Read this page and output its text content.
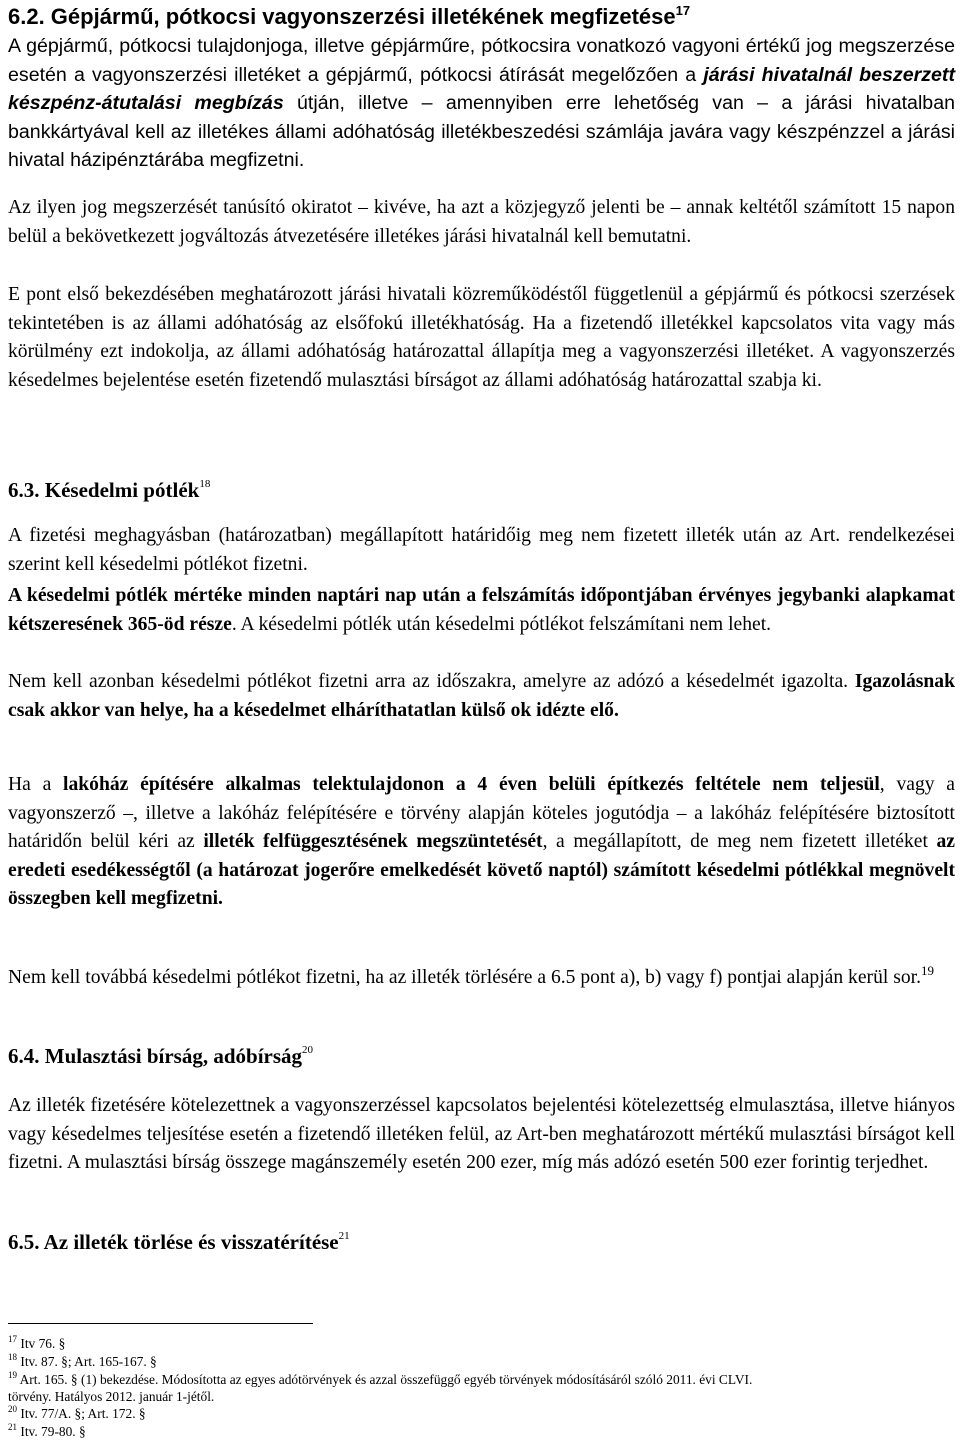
6.2. Gépjármű, pótkocsi vagyonszerzési illetékének megfizetése$^{17}$
A gépjármű, pótkocsi tulajdonjoga, illetve gépjárműre, pótkocsira vonatkozó vagyoni értékű jog megszerzése esetén a vagyonszerzési illetéket a gépjármű, pótkocsi átírását megelőzően a járási hivatalnál beszerzett készpénz-átutalási megbízás útján, illetve – amennyiben erre lehetőség van – a járási hivatalban bankkártyával kell az illetékes állami adóhatóság illetékbeszedési számlája javára vagy készpénzzel a járási hivatal házipénztárába megfizetni.
Az ilyen jog megszerzését tanúsító okiratot – kivéve, ha azt a közjegyző jelenti be – annak keltétől számított 15 napon belül a bekövetkezett jogváltozás átvezetésére illetékes járási hivatalnál kell bemutatni.
E pont első bekezdésében meghatározott járási hivatali közreműködéstől függetlenül a gépjármű és pótkocsi szerzések tekintetében is az állami adóhatóság az elsőfokú illetékhatóság. Ha a fizetendő illetékkel kapcsolatos vita vagy más körülmény ezt indokolja, az állami adóhatóság határozattal állapítja meg a vagyonszerzési illetéket. A vagyonszerzés késedelmes bejelentése esetén fizetendő mulasztási bírságot az állami adóhatóság határozattal szabja ki.
6.3. Késedelmi pótlék$^{18}$
A fizetési meghagyásban (határozatban) megállapított határidőig meg nem fizetett illeték után az Art. rendelkezései szerint kell késedelmi pótlékot fizetni.
A késedelmi pótlék mértéke minden naptári nap után a felszámítás időpontjában érvényes jegybanki alapkamat kétszeresének 365-öd része. A késedelmi pótlék után késedelmi pótlékot felszámítani nem lehet.
Nem kell azonban késedelmi pótlékot fizetni arra az időszakra, amelyre az adózó a késedelmét igazolta. Igazolásnak csak akkor van helye, ha a késedelmet elháríthatatlan külső ok idézte elő.
Ha a lakóház építésére alkalmas telektulajdonon a 4 éven belüli építkezés feltétele nem teljesül, vagy a vagyonszerző –, illetve a lakóház felépítésére e törvény alapján köteles jogutódja – a lakóház felépítésére biztosított határidőn belül kéri az illeték felfüggesztésének megszüntetését, a megállapított, de meg nem fizetett illetéket az eredeti esedékességtől (a határozat jogerőre emelkedését követő naptól) számított késedelmi pótlékkal megnövelt összegben kell megfizetni.
Nem kell továbbá késedelmi pótlékot fizetni, ha az illeték törlésére a 6.5 pont a), b) vagy f) pontjai alapján kerül sor.$^{19}$
6.4. Mulasztási bírság, adóbírság$^{20}$
Az illeték fizetésére kötelezettnek a vagyonszerzéssel kapcsolatos bejelentési kötelezettség elmulasztása, illetve hiányos vagy késedelmes teljesítése esetén a fizetendő illetéken felül, az Art-ben meghatározott mértékű mulasztási bírságot kell fizetni. A mulasztási bírság összege magánszemély esetén 200 ezer, míg más adózó esetén 500 ezer forintig terjedhet.
6.5. Az illeték törlése és visszatérítése$^{21}$
$^{17}$ Itv 76. §
$^{18}$ Itv. 87. §; Art. 165-167. §
$^{19}$ Art. 165. § (1) bekezdése. Módosította az egyes adótörvények és azzal összefüggő egyéb törvények módosításáról szóló 2011. évi CLVI.
törvény. Hatályos 2012. január 1-jétől.
$^{20}$ Itv. 77/A. §; Art. 172. §
$^{21}$ Itv. 79-80. §
